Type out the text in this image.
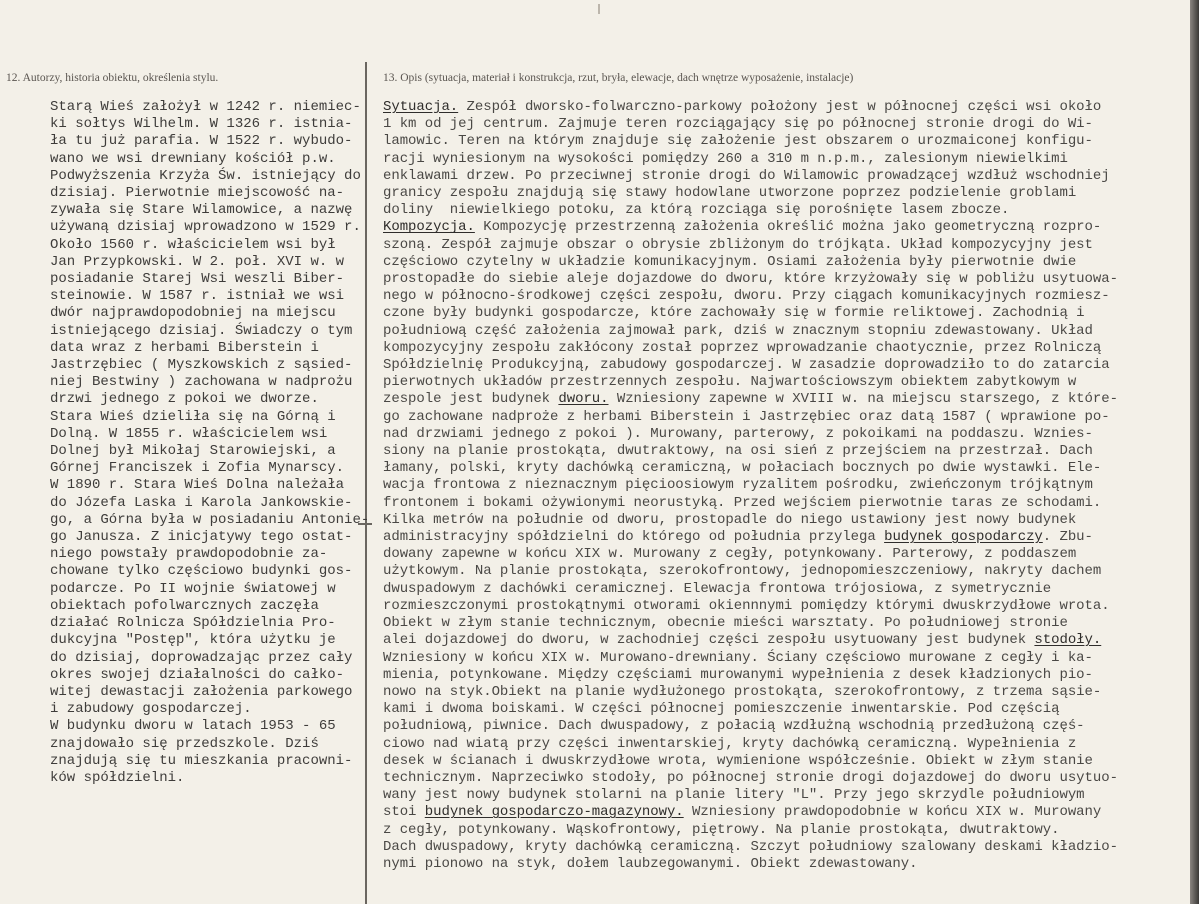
12. Autorzy, historia obiektu, określenia stylu.	13. Opis (sytuacja, materiał i konstrukcja, rzut, bryła, elewacje, dach wnętrze wyposażenie, instalacje)
Starą Wieś założył w 1242 r. niemiec-
ki sołtys Wilhelm. W 1326 r. istnia-
ła tu już parafia. W 1522 r. wybudo-
wano we wsi drewniany kościół p.w.
Podwyższenia Krzyża Św. istniejący do
dzisiaj. Pierwotnie miejscowość na-
zywała się Stare Wilamowice, a nazwę
używaną dzisiaj wprowadzono w 1529 r.
Około 1560 r. właścicielem wsi był
Jan Przypkowski. W 2. poł. XVI w. w
posiadanie Starej Wsi weszli Biber-
steinowie. W 1587 r. istniał we wsi
dwór najprawdopodobniej na miejscu
istniejącego dzisiaj. Świadczy o tym
data wraz z herbami Biberstein i
Jastrzębiec ( Myszkowskich z sąsied-
niej Bestwiny ) zachowana w nadprożu
drzwi jednego z pokoi we dworze.
Stara Wieś dzieliła się na Górną i
Dolną. W 1855 r. właścicielem wsi
Dolnej był Mikołaj Starowiejski, a
Górnej Franciszek i Zofia Mynarscy.
W 1890 r. Stara Wieś Dolna należała
do Józefa Laska i Karola Jankowskie-
go, a Górna była w posiadaniu Antonie-
go Janusza. Z inicjatywy tego ostat-
niego powstały prawdopodobnie za-
chowane tylko częściowo budynki gos-
podarcze. Po II wojnie światowej w
obiektach pofolwarcznych zaczęła
działać Rolnicza Spółdzielnia Pro-
dukcyjna "Postęp", która użytku je
do dzisiaj, doprowadzając przez cały
okres swojej działalności do całko-
witej dewastacji założenia parkowego
i zabudowy gospodarczej.
W budynku dworu w latach 1953 - 65
znajdowało się przedszkole. Dziś
znajdują się tu mieszkania pracowni-
ków spółdzielni.
Sytuacja. Zespół dworsko-folwarczno-parkowy położony jest w północnej części wsi około
1 km od jej centrum. Zajmuje teren rozciągający się po północnej stronie drogi do Wi-
lamowic. Teren na którym znajduje się założenie jest obszarem o urozmaiconej konfigu-
racji wyniesionym na wysokości pomiędzy 260 a 310 m n.p.m., zalesionym niewielkimi
enklawami drzew. Po przeciwnej stronie drogi do Wilamowic prowadzącej wzdłuż wschodniej
granicy zespołu znajdują się stawy hodowlane utworzone poprzez podzielenie groblami
doliny  niewielkiego potoku, za którą rozciąga się porośnięte lasem zbocze.
Kompozycja. Kompozycję przestrzenną założenia określić można jako geometryczną rozpro-
szoną. Zespół zajmuje obszar o obrysie zbliżonym do trójkąta. Układ kompozycyjny jest
częściowo czytelny w układzie komunikacyjnym. Osiami założenia były pierwotnie dwie
prostopadłe do siebie aleje dojazdowe do dworu, które krzyżowały się w pobliżu usytuowa-
nego w północno-środkowej części zespołu, dworu. Przy ciągach komunikacyjnych rozmiesz-
czone były budynki gospodarcze, które zachowały się w formie reliktowej. Zachodnią i
południową część założenia zajmował park, dziś w znacznym stopniu zdewastowany. Układ
kompozycyjny zespołu zakłócony został poprzez wprowadzanie chaotycznie, przez Rolniczą
Spółdzielnię Produkcyjną, zabudowy gospodarczej. W zasadzie doprowadziło to do zatarcia
pierwotnych układów przestrzennych zespołu. Najwartościowszym obiektem zabytkowym w
zespole jest budynek dworu. Wzniesiony zapewne w XVIII w. na miejscu starszego, z które-
go zachowane nadproże z herbami Biberstein i Jastrzębiec oraz datą 1587 ( wprawione po-
nad drzwiami jednego z pokoi ). Murowany, parterowy, z pokoikami na poddaszu. Wznies-
siony na planie prostokąta, dwutraktowy, na osi sień z przejściem na przestrzał. Dach
łamany, polski, kryty dachówką ceramiczną, w połaciach bocznych po dwie wystawki. Ele-
wacja frontowa z nieznacznym pięcioosiowym ryzalitem pośrodku, zwieńczonym trójkątnym
frontonem i bokami ożywionymi neorustyką. Przed wejściem pierwotnie taras ze schodami.
Kilka metrów na południe od dworu, prostopadle do niego ustawiony jest nowy budynek
administracyjny spółdzielni do którego od południa przylega budynek gospodarczy. Zbu-
dowany zapewne w końcu XIX w. Murowany z cegły, potynkowany. Parterowy, z poddaszem
użytkowym. Na planie prostokąta, szerokofrontowy, jednopomieszczeniowy, nakryty dachem
dwuspadowym z dachówki ceramicznej. Elewacja frontowa trójosiowa, z symetrycznie
rozmieszczonymi prostokątnymi otworami okiennnymi pomiędzy którymi dwuskrzydłowe wrota.
Obiekt w złym stanie technicznym, obecnie mieści warsztaty. Po południowej stronie
alei dojazdowej do dworu, w zachodniej części zespołu usytuowany jest budynek stodoły.
Wzniesiony w końcu XIX w. Murowano-drewniany. Ściany częściowo murowane z cegły i ka-
mienia, potynkowane. Między częściami murowanymi wypełnienia z desek kładzionych pio-
nowo na styk.Obiekt na planie wydłużonego prostokąta, szerokofrontowy, z trzema sąsie-
kami i dwoma boiskami. W części północnej pomieszczenie inwentarskie. Pod częścią
południową, piwnice. Dach dwuspadowy, z połacią wzdłużną wschodnią przedłużoną częś-
ciowo nad wiatą przy części inwentarskiej, kryty dachówką ceramiczną. Wypełnienia z
desek w ścianach i dwuskrzydłowe wrota, wymienione współcześnie. Obiekt w złym stanie
technicznym. Naprzeciwko stodoły, po północnej stronie drogi dojazdowej do dworu usytuo-
wany jest nowy budynek stolarni na planie litery "L". Przy jego skrzydle południowym
stoi budynek gospodarczo-magazynowy. Wzniesiony prawdopodobnie w końcu XIX w. Murowany
z cegły, potynkowany. Wąskofrontowy, piętrowy. Na planie prostokąta, dwutraktowy.
Dach dwuspadowy, kryty dachówką ceramiczną. Szczyt południowy szalowany deskami kładzio-
nymi pionowo na styk, dołem laubzegowanymi. Obiekt zdewastowany.
